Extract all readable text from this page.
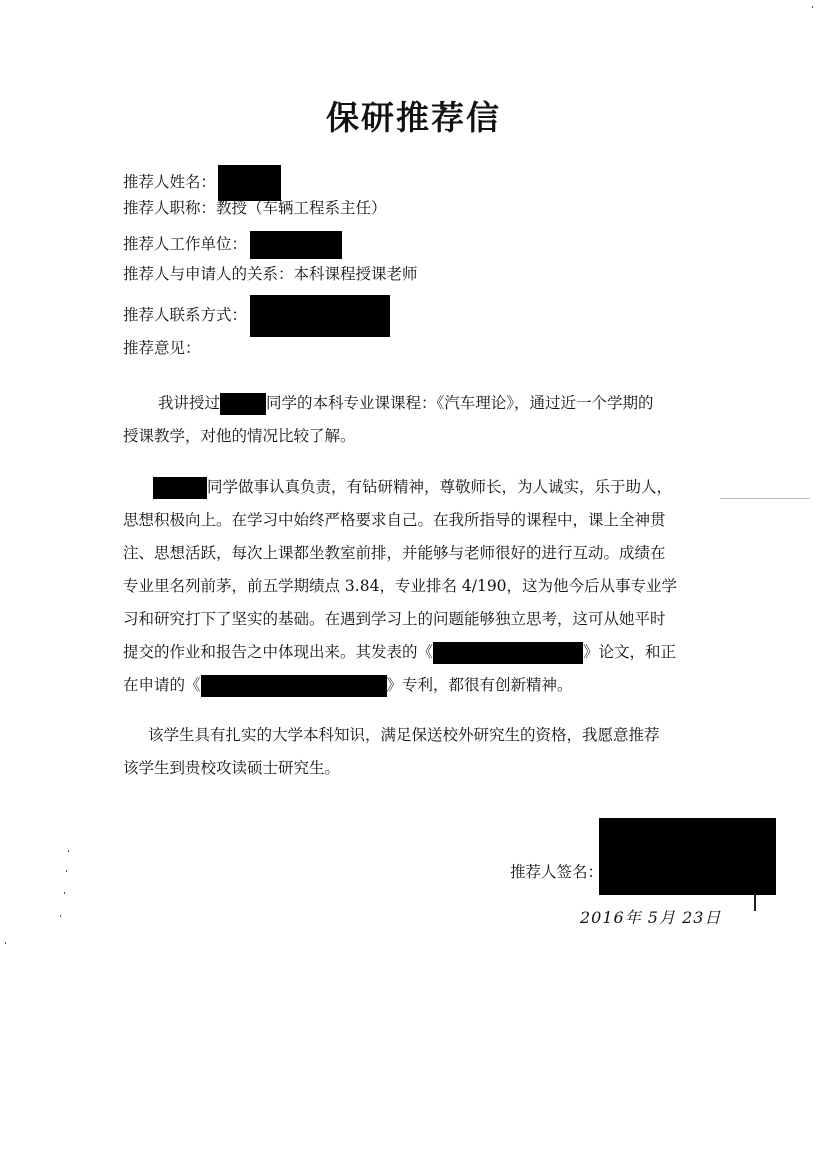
保研推荐信
推荐人姓名：
推荐人职称：教授（车辆工程系主任）
推荐人工作单位：
推荐人与申请人的关系：本科课程授课老师
推荐人联系方式：
推荐意见：
我讲授过	同学的本科专业课课程：《汽车理论》，通过近一个学期的
授课教学，对他的情况比较了解。
同学做事认真负责，有钻研精神，尊敬师长，为人诚实，乐于助人，
思想积极向上。在学习中始终严格要求自己。在我所指导的课程中，课上全神贯
注、思想活跃，每次上课都坐教室前排，并能够与老师很好的进行互动。成绩在
专业里名列前茅，前五学期绩点 3.84，专业排名 4/190，这为他今后从事专业学
习和研究打下了坚实的基础。在遇到学习上的问题能够独立思考，这可从她平时
提交的作业和报告之中体现出来。其发表的《	》论文，和正
在申请的《	》专利，都很有创新精神。
该学生具有扎实的大学本科知识，满足保送校外研究生的资格，我愿意推荐
该学生到贵校攻读硕士研究生。
推荐人签名：
2016年 5月 23日
